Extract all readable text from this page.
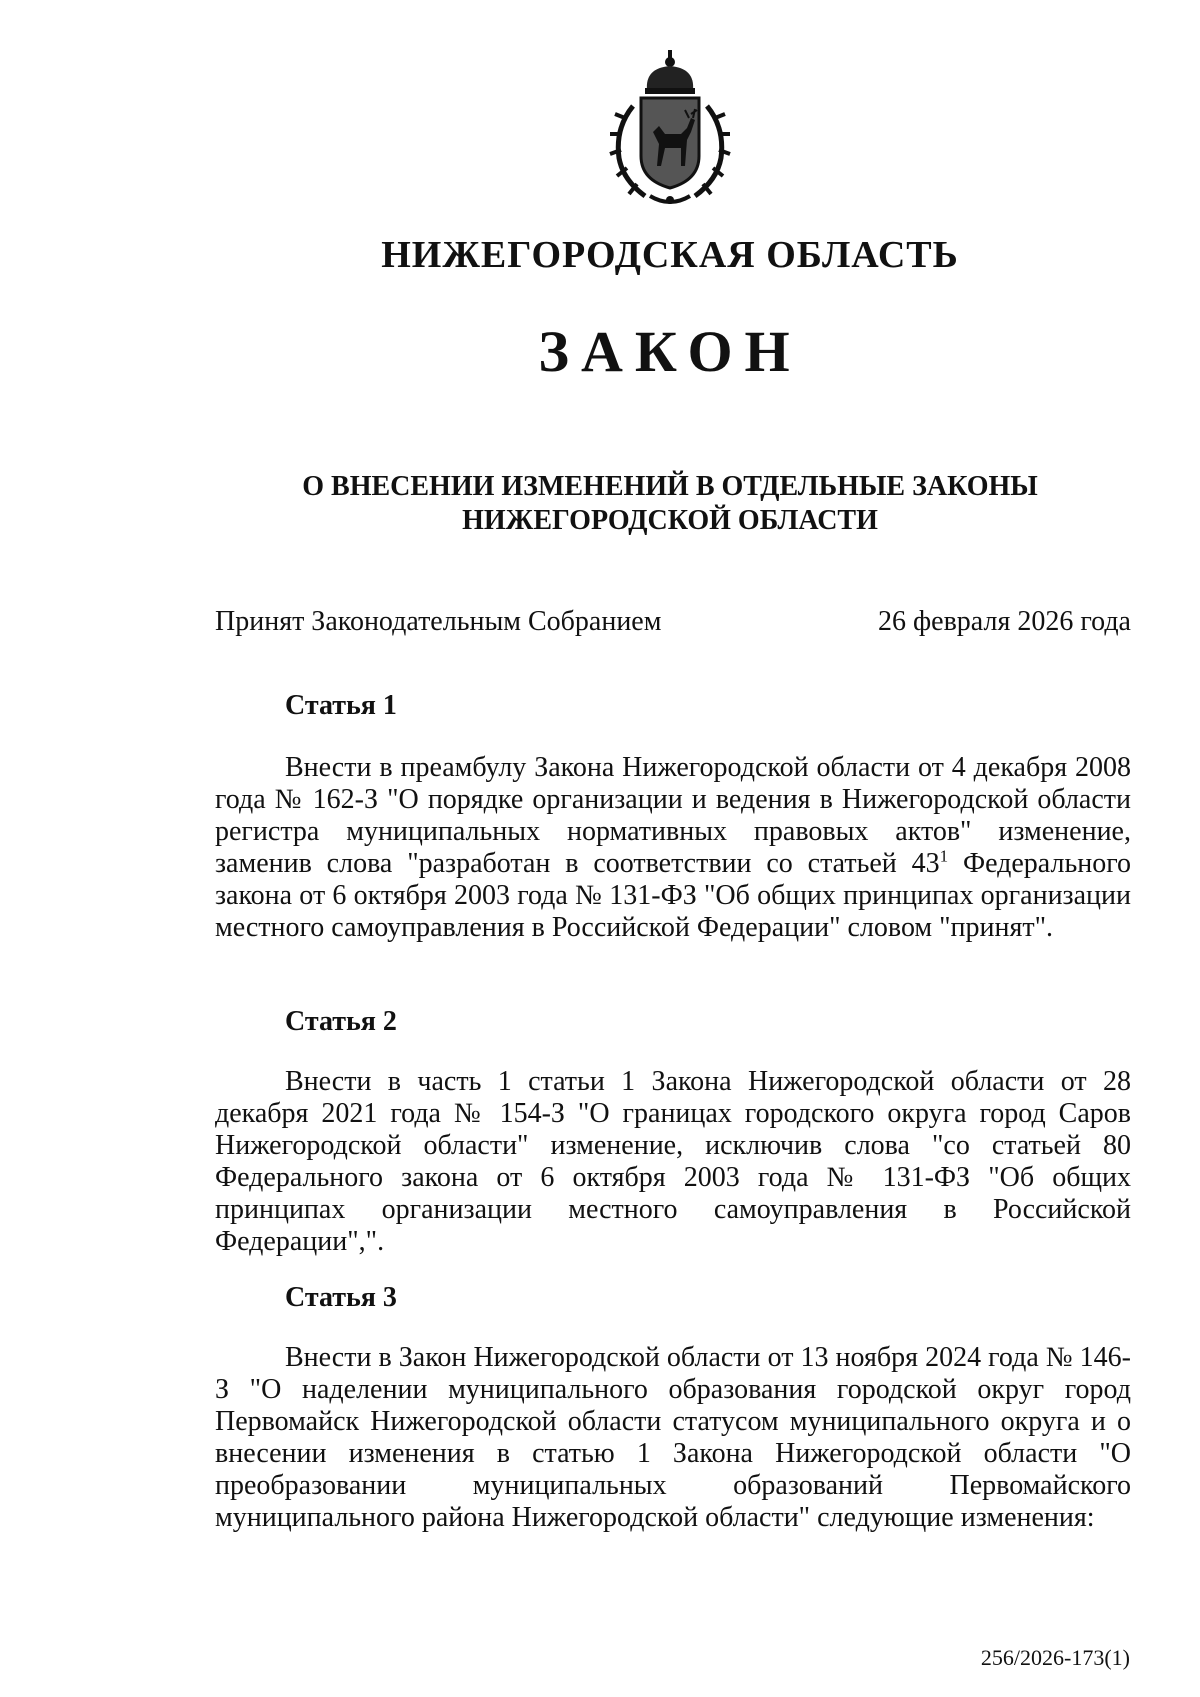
НИЖЕГОРОДСКАЯ ОБЛАСТЬ
ЗАКОН
О ВНЕСЕНИИ ИЗМЕНЕНИЙ В ОТДЕЛЬНЫЕ ЗАКОНЫ
НИЖЕГОРОДСКОЙ ОБЛАСТИ
Принят Законодательным Собранием	26 февраля 2026 года
Статья 1

Внести в преамбулу Закона Нижегородской области от 4 декабря 2008 года № 162-З "О порядке организации и ведения в Нижегородской области регистра муниципальных нормативных правовых актов" изменение, заменив слова "разработан в соответствии со статьей $43^1$ Федерального закона от 6 октября 2003 года № 131-ФЗ "Об общих принципах организации местного самоуправления в Российской Федерации" словом "принят".

Статья 2

Внести в часть 1 статьи 1 Закона Нижегородской области от 28 декабря 2021 года № 154-З "О границах городского округа город Саров Нижегородской области" изменение, исключив слова "со статьей 80 Федерального закона от 6 октября 2003 года № 131-ФЗ "Об общих принципах организации местного самоуправления в Российской Федерации",".

Статья 3

Внести в Закон Нижегородской области от 13 ноября 2024 года № 146-З "О наделении муниципального образования городской округ город Первомайск Нижегородской области статусом муниципального округа и о внесении изменения в статью 1 Закона Нижегородской области "О преобразовании муниципальных образований Первомайского муниципального района Нижегородской области" следующие изменения:

256/2026-173(1)
